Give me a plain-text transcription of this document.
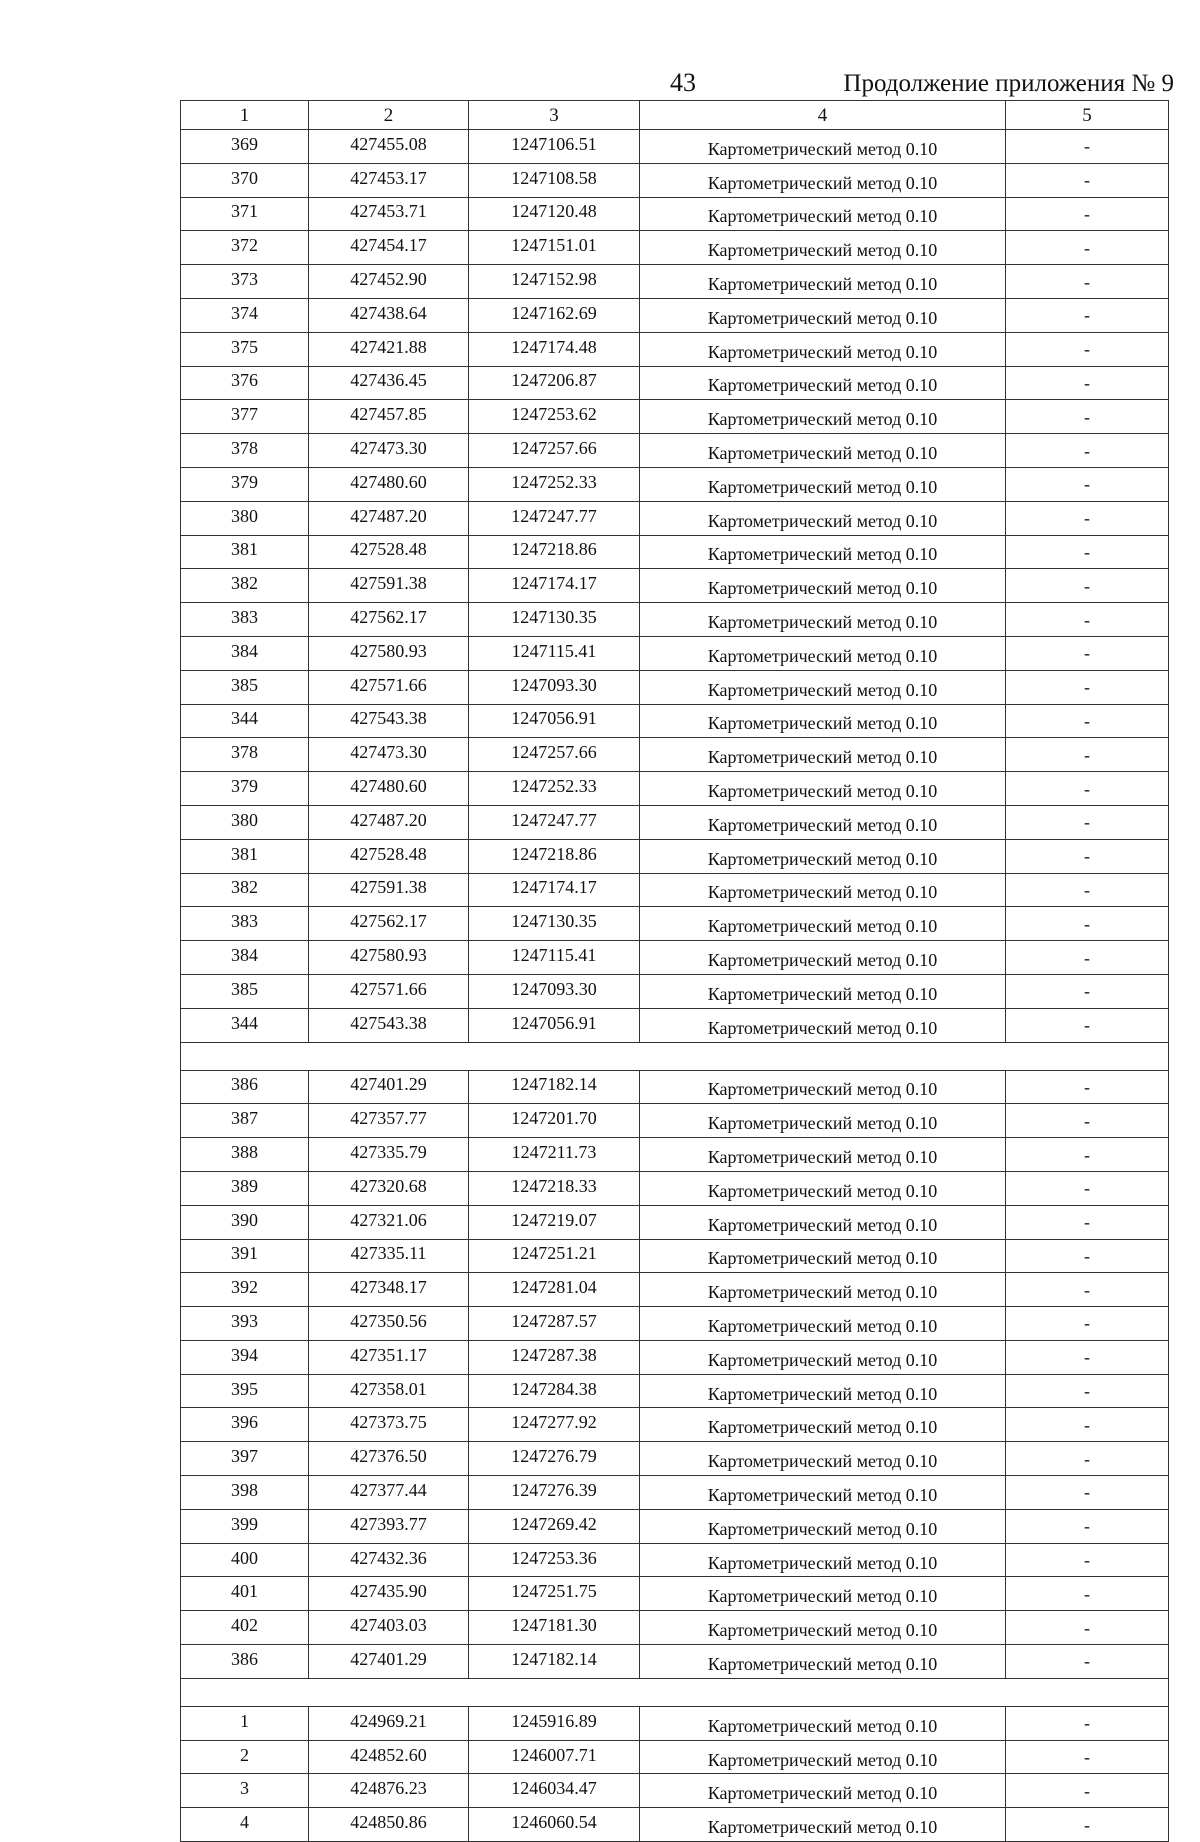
43	Продолжение приложения № 9
1	2	3	4	5
369	427455.08	1247106.51	Картометрический метод 0.10	-
370	427453.17	1247108.58	Картометрический метод 0.10	-
371	427453.71	1247120.48	Картометрический метод 0.10	-
372	427454.17	1247151.01	Картометрический метод 0.10	-
373	427452.90	1247152.98	Картометрический метод 0.10	-
374	427438.64	1247162.69	Картометрический метод 0.10	-
375	427421.88	1247174.48	Картометрический метод 0.10	-
376	427436.45	1247206.87	Картометрический метод 0.10	-
377	427457.85	1247253.62	Картометрический метод 0.10	-
378	427473.30	1247257.66	Картометрический метод 0.10	-
379	427480.60	1247252.33	Картометрический метод 0.10	-
380	427487.20	1247247.77	Картометрический метод 0.10	-
381	427528.48	1247218.86	Картометрический метод 0.10	-
382	427591.38	1247174.17	Картометрический метод 0.10	-
383	427562.17	1247130.35	Картометрический метод 0.10	-
384	427580.93	1247115.41	Картометрический метод 0.10	-
385	427571.66	1247093.30	Картометрический метод 0.10	-
344	427543.38	1247056.91	Картометрический метод 0.10	-
378	427473.30	1247257.66	Картометрический метод 0.10	-
379	427480.60	1247252.33	Картометрический метод 0.10	-
380	427487.20	1247247.77	Картометрический метод 0.10	-
381	427528.48	1247218.86	Картометрический метод 0.10	-
382	427591.38	1247174.17	Картометрический метод 0.10	-
383	427562.17	1247130.35	Картометрический метод 0.10	-
384	427580.93	1247115.41	Картометрический метод 0.10	-
385	427571.66	1247093.30	Картометрический метод 0.10	-
344	427543.38	1247056.91	Картометрический метод 0.10	-

386	427401.29	1247182.14	Картометрический метод 0.10	-
387	427357.77	1247201.70	Картометрический метод 0.10	-
388	427335.79	1247211.73	Картометрический метод 0.10	-
389	427320.68	1247218.33	Картометрический метод 0.10	-
390	427321.06	1247219.07	Картометрический метод 0.10	-
391	427335.11	1247251.21	Картометрический метод 0.10	-
392	427348.17	1247281.04	Картометрический метод 0.10	-
393	427350.56	1247287.57	Картометрический метод 0.10	-
394	427351.17	1247287.38	Картометрический метод 0.10	-
395	427358.01	1247284.38	Картометрический метод 0.10	-
396	427373.75	1247277.92	Картометрический метод 0.10	-
397	427376.50	1247276.79	Картометрический метод 0.10	-
398	427377.44	1247276.39	Картометрический метод 0.10	-
399	427393.77	1247269.42	Картометрический метод 0.10	-
400	427432.36	1247253.36	Картометрический метод 0.10	-
401	427435.90	1247251.75	Картометрический метод 0.10	-
402	427403.03	1247181.30	Картометрический метод 0.10	-
386	427401.29	1247182.14	Картометрический метод 0.10	-

1	424969.21	1245916.89	Картометрический метод 0.10	-
2	424852.60	1246007.71	Картометрический метод 0.10	-
3	424876.23	1246034.47	Картометрический метод 0.10	-
4	424850.86	1246060.54	Картометрический метод 0.10	-
